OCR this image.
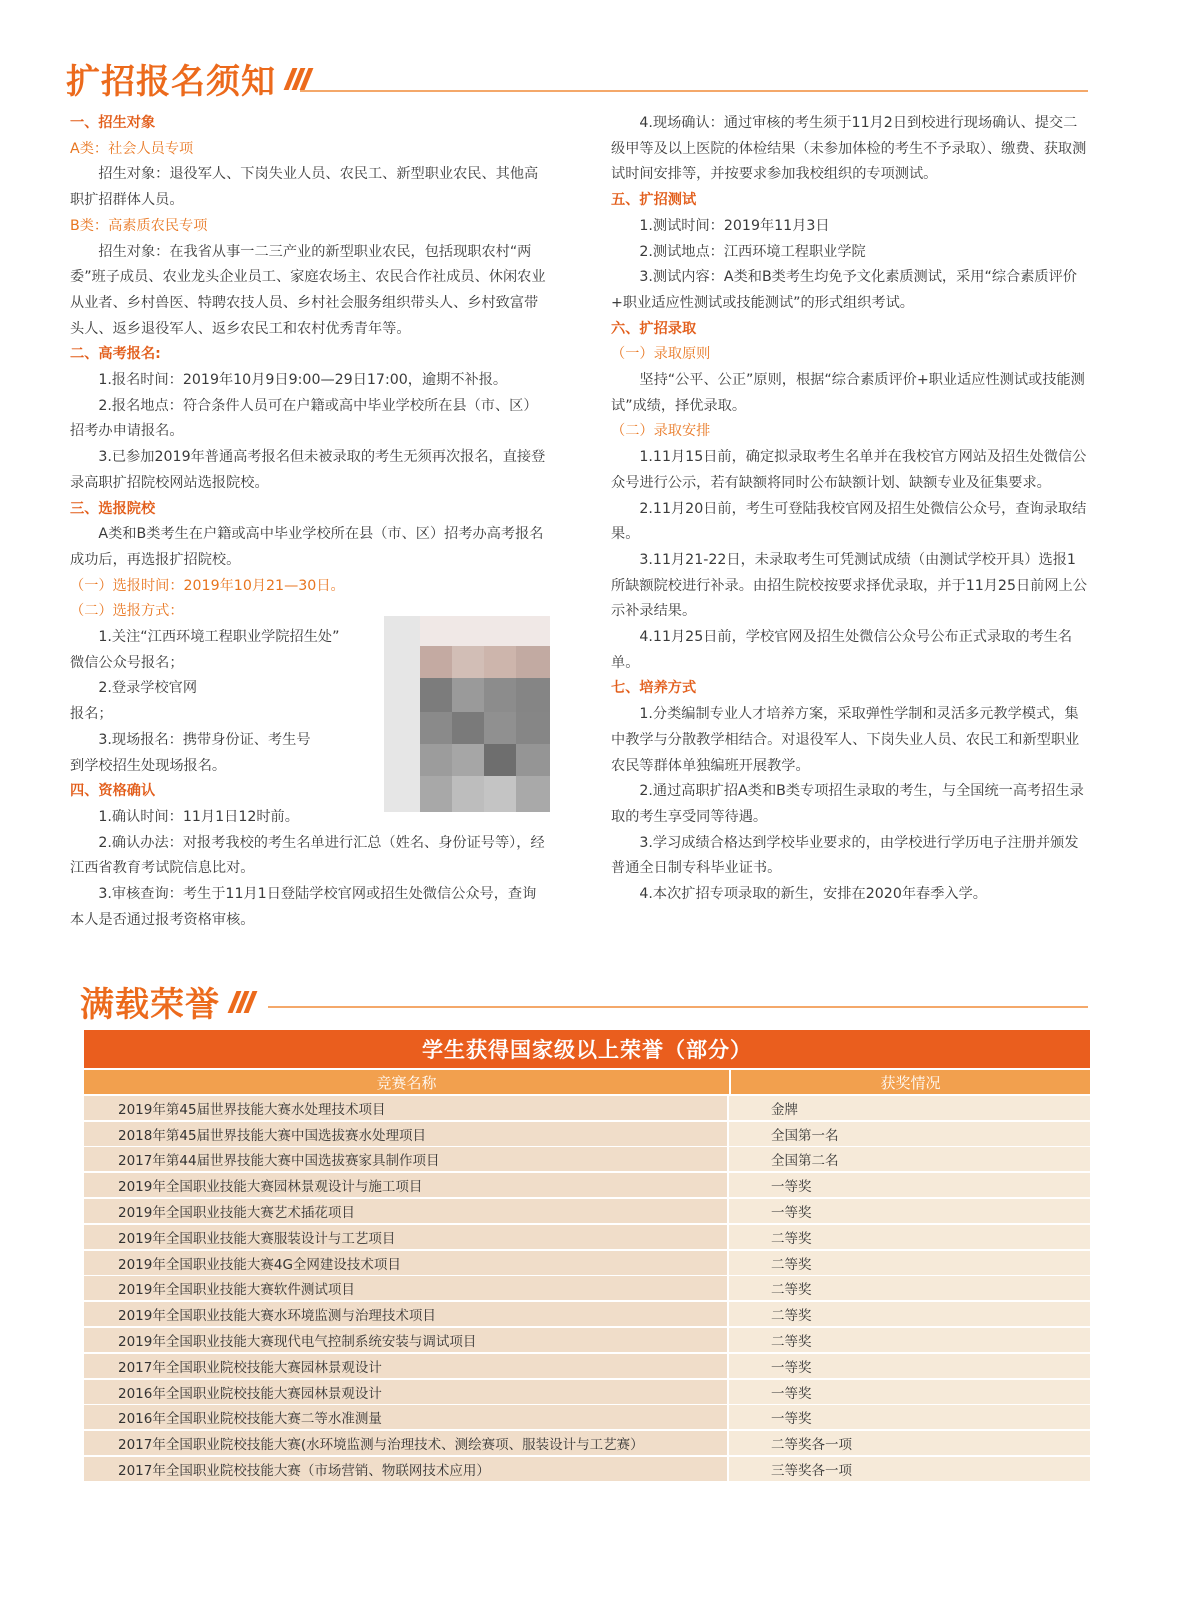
扩招报名须知

一、招生对象

A类：社会人员专项

招生对象：退役军人、下岗失业人员、农民工、新型职业农民、其他高职扩招群体人员。

B类：高素质农民专项

招生对象：在我省从事一二三产业的新型职业农民，包括现职农村“两委”班子成员、农业龙头企业员工、家庭农场主、农民合作社成员、休闲农业从业者、乡村兽医、特聘农技人员、乡村社会服务组织带头人、乡村致富带头人、返乡退役军人、返乡农民工和农村优秀青年等。

二、高考报名:

1.报名时间：2019年10月9日9:00—29日17:00，逾期不补报。

2.报名地点：符合条件人员可在户籍或高中毕业学校所在县（市、区）招考办申请报名。

3.已参加2019年普通高考报名但未被录取的考生无须再次报名，直接登录高职扩招院校网站选报院校。

三、选报院校

A类和B类考生在户籍或高中毕业学校所在县（市、区）招考办高考报名成功后，再选报扩招院校。

（一）选报时间：2019年10月21—30日。

（二）选报方式：

1.关注“江西环境工程职业学院招生处”

微信公众号报名；

2.登录学校官网

报名；

3.现场报名：携带身份证、考生号

到学校招生处现场报名。

四、资格确认

1.确认时间：11月1日12时前。

2.确认办法：对报考我校的考生名单进行汇总（姓名、身份证号等），经江西省教育考试院信息比对。

3.审核查询：考生于11月1日登陆学校官网或招生处微信公众号，查询本人是否通过报考资格审核。

4.现场确认：通过审核的考生须于11月2日到校进行现场确认、提交二级甲等及以上医院的体检结果（未参加体检的考生不予录取）、缴费、获取测试时间安排等，并按要求参加我校组织的专项测试。

五、扩招测试

1.测试时间：2019年11月3日

2.测试地点：江西环境工程职业学院

3.测试内容：A类和B类考生均免予文化素质测试，采用“综合素质评价+职业适应性测试或技能测试”的形式组织考试。

六、扩招录取

（一）录取原则

坚持“公平、公正”原则，根据“综合素质评价+职业适应性测试或技能测试”成绩，择优录取。

（二）录取安排

1.11月15日前，确定拟录取考生名单并在我校官方网站及招生处微信公众号进行公示，若有缺额将同时公布缺额计划、缺额专业及征集要求。

2.11月20日前，考生可登陆我校官网及招生处微信公众号，查询录取结果。

3.11月21-22日，未录取考生可凭测试成绩（由测试学校开具）选报1所缺额院校进行补录。由招生院校按要求择优录取，并于11月25日前网上公示补录结果。

4.11月25日前，学校官网及招生处微信公众号公布正式录取的考生名单。

七、培养方式

1.分类编制专业人才培养方案，采取弹性学制和灵活多元教学模式，集中教学与分散教学相结合。对退役军人、下岗失业人员、农民工和新型职业农民等群体单独编班开展教学。

2.通过高职扩招A类和B类专项招生录取的考生，与全国统一高考招生录取的考生享受同等待遇。

3.学习成绩合格达到学校毕业要求的，由学校进行学历电子注册并颁发普通全日制专科毕业证书。

4.本次扩招专项录取的新生，安排在2020年春季入学。

满载荣誉
学生获得国家级以上荣誉（部分）
竞赛名称	获奖情况
2019年第45届世界技能大赛水处理技术项目	金牌
2018年第45届世界技能大赛中国选拔赛水处理项目	全国第一名
2017年第44届世界技能大赛中国选拔赛家具制作项目	全国第二名
2019年全国职业技能大赛园林景观设计与施工项目	一等奖
2019年全国职业技能大赛艺术插花项目	一等奖
2019年全国职业技能大赛服装设计与工艺项目	二等奖
2019年全国职业技能大赛4G全网建设技术项目	二等奖
2019年全国职业技能大赛软件测试项目	二等奖
2019年全国职业技能大赛水环境监测与治理技术项目	二等奖
2019年全国职业技能大赛现代电气控制系统安装与调试项目	二等奖
2017年全国职业院校技能大赛园林景观设计	一等奖
2016年全国职业院校技能大赛园林景观设计	一等奖
2016年全国职业院校技能大赛二等水准测量	一等奖
2017年全国职业院校技能大赛(水环境监测与治理技术、测绘赛项、服装设计与工艺赛）	二等奖各一项
2017年全国职业院校技能大赛（市场营销、物联网技术应用）	三等奖各一项
